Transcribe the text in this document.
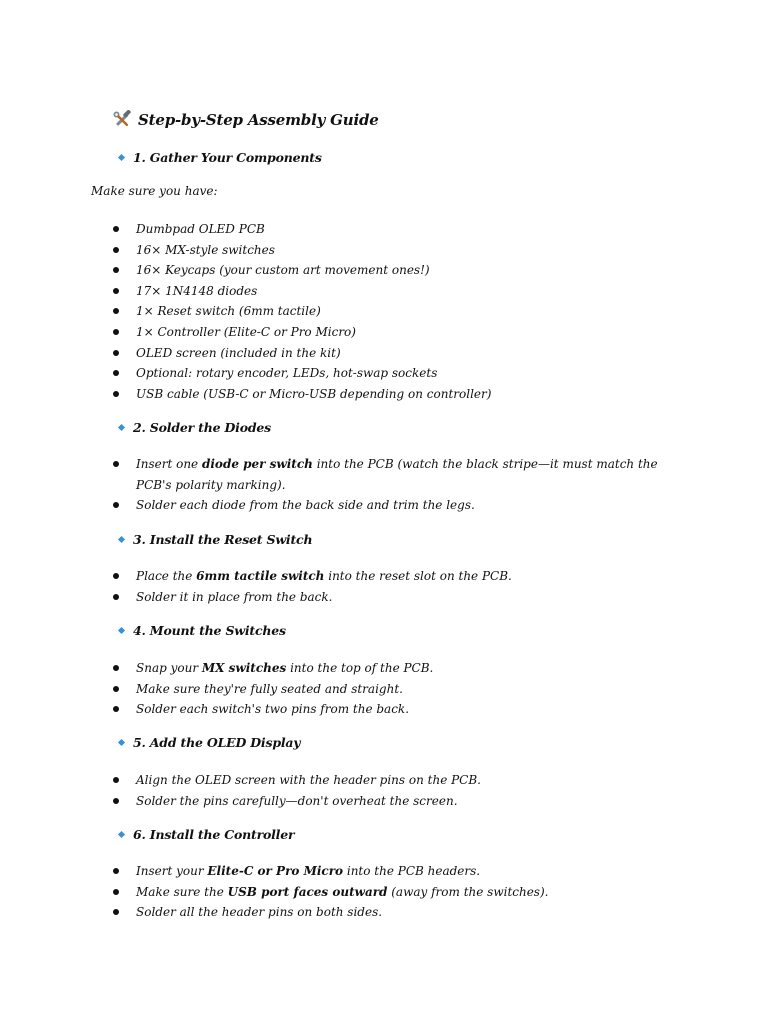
Step-by-Step Assembly Guide
1. Gather Your Components
Make sure you have:
Dumbpad OLED PCB
16× MX-style switches
16× Keycaps (your custom art movement ones!)
17× 1N4148 diodes
1× Reset switch (6mm tactile)
1× Controller (Elite-C or Pro Micro)
OLED screen (included in the kit)
Optional: rotary encoder, LEDs, hot-swap sockets
USB cable (USB-C or Micro-USB depending on controller)
2. Solder the Diodes
Insert one diode per switch into the PCB (watch the black stripe—it must match the PCB's polarity marking).
Solder each diode from the back side and trim the legs.
3. Install the Reset Switch
Place the 6mm tactile switch into the reset slot on the PCB.
Solder it in place from the back.
4. Mount the Switches
Snap your MX switches into the top of the PCB.
Make sure they're fully seated and straight.
Solder each switch's two pins from the back.
5. Add the OLED Display
Align the OLED screen with the header pins on the PCB.
Solder the pins carefully—don't overheat the screen.
6. Install the Controller
Insert your Elite-C or Pro Micro into the PCB headers.
Make sure the USB port faces outward (away from the switches).
Solder all the header pins on both sides.
